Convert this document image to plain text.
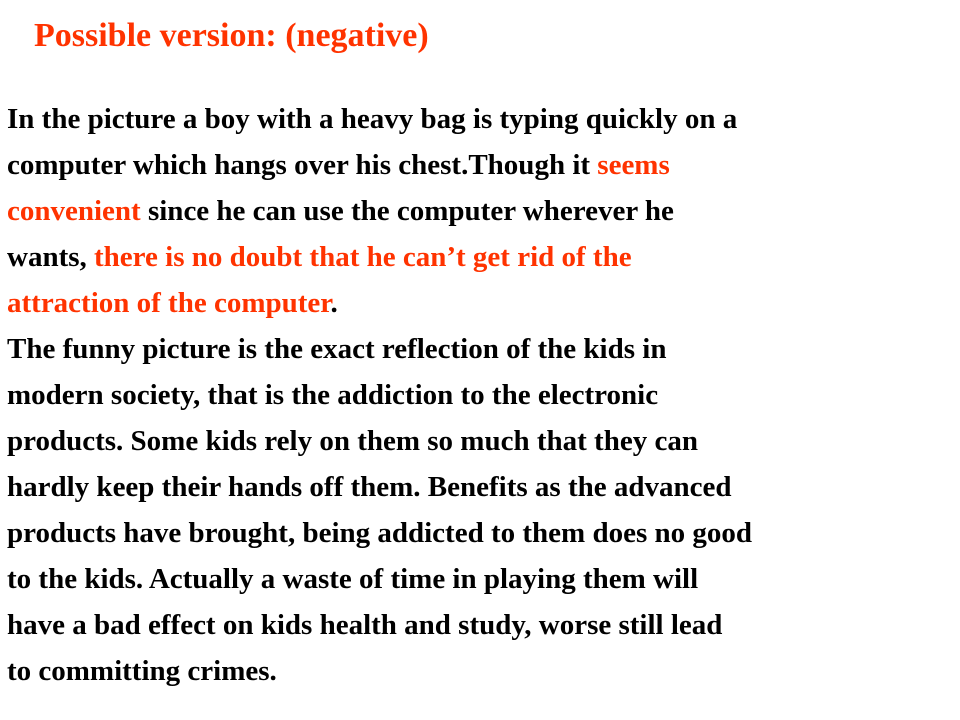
Possible version: (negative)
In the picture a boy with a heavy bag is typing quickly on a
computer which hangs over his chest.Though it seems
convenient since he can use the computer wherever he
wants, there is no doubt that he can’t get rid of the
attraction of the computer.
The funny picture is the exact reflection of the kids in
modern society, that is the addiction to the electronic
products. Some kids rely on them so much that they can
hardly keep their hands off them. Benefits as the advanced
products have brought, being addicted to them does no good
to the kids. Actually a waste of time in playing them will
have a bad effect on kids health and study, worse still lead
to committing crimes.
